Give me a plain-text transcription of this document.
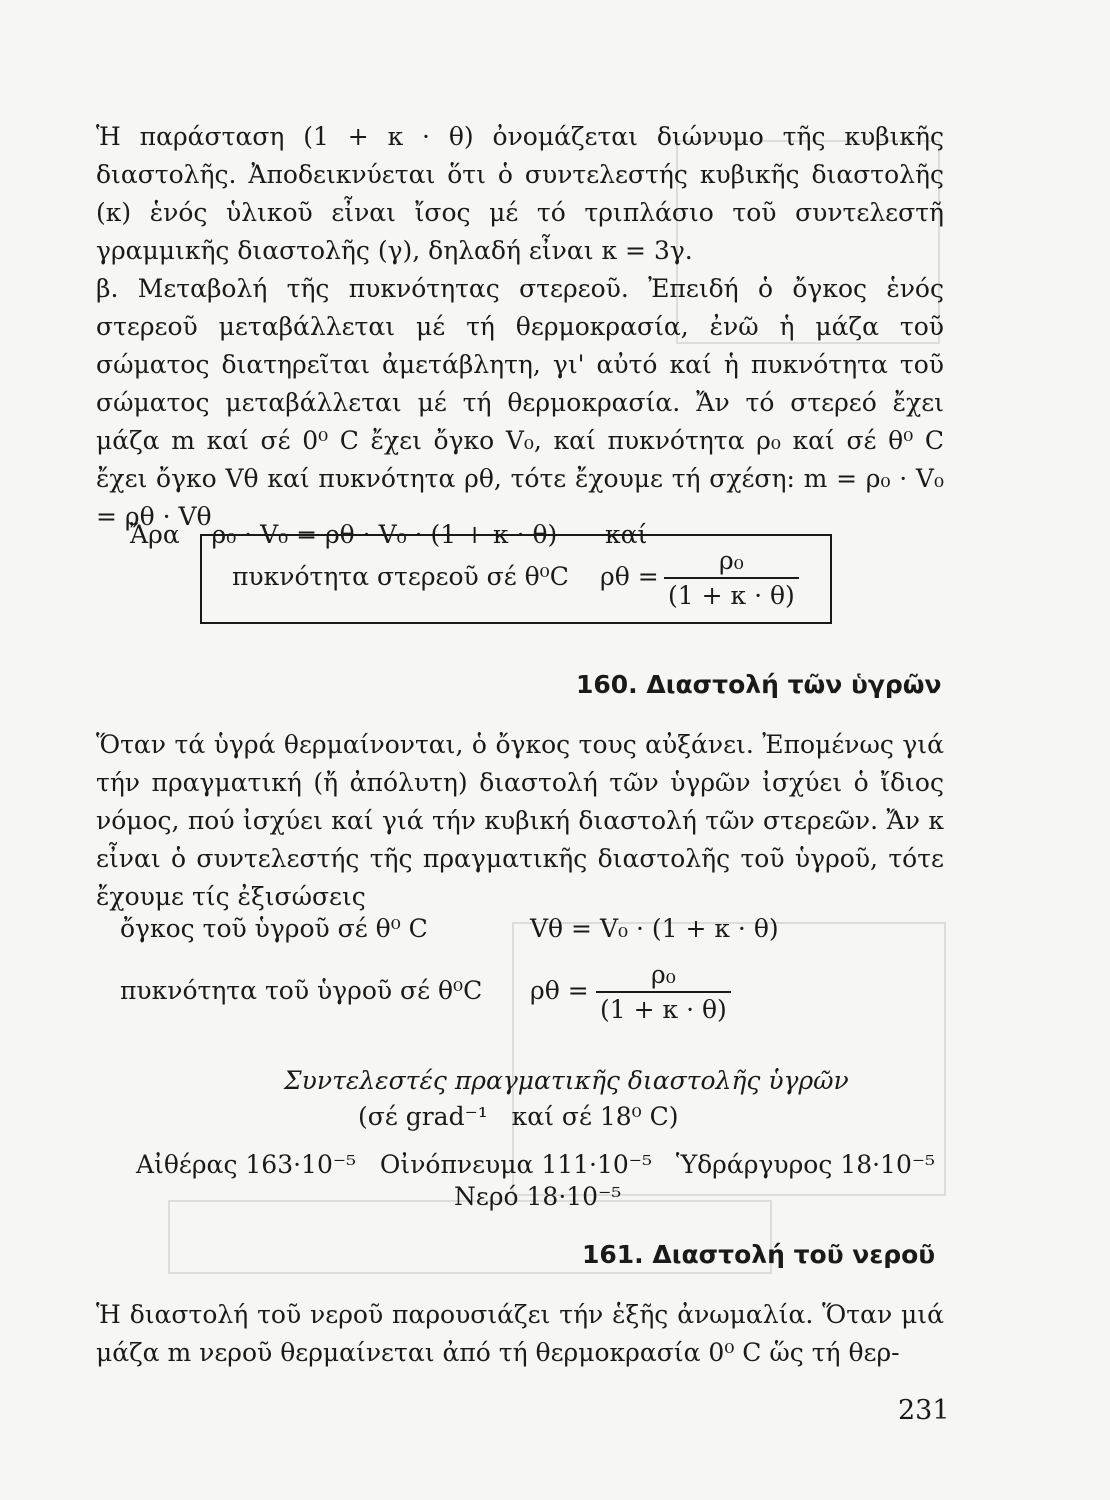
Ἡ παράσταση (1 + κ · θ) ὀνομάζεται διώνυμο τῆς κυβικῆς διαστολῆς. Ἀποδεικνύεται ὅτι ὁ συντελεστής κυβικῆς διαστολῆς (κ) ἑνός ὑλικοῦ εἶναι ἴσος μέ τό τριπλάσιο τοῦ συντελεστῆ γραμμικῆς διαστολῆς (γ), δηλαδή εἶναι κ = 3γ.
β. Μεταβολή τῆς πυκνότητας στερεοῦ. Ἐπειδή ὁ ὄγκος ἑνός στερεοῦ μεταβάλλεται μέ τή θερμοκρασία, ἐνῶ ἡ μάζα τοῦ σώματος διατηρεῖται ἀμετάβλητη, γι' αὐτό καί ἡ πυκνότητα τοῦ σώματος μεταβάλλεται μέ τή θερμοκρασία. Ἄν τό στερεό ἔχει μάζα m καί σέ 0⁰ C ἔχει ὄγκο V₀, καί πυκνότητα ρ₀ καί σέ θ⁰ C ἔχει ὄγκο Vθ καί πυκνότητα ρθ, τότε ἔχουμε τή σχέση: m = ρ₀ · V₀ = ρθ · Vθ

Ἄρα    ρ₀ · V₀ = ρθ · V₀ · (1 + κ · θ)      καί

πυκνότητα στερεοῦ σέ θ⁰C $\rho\theta = \frac{\text{ρ₀}}{(1 + \kappa \cdot \theta)}$
160. Διαστολή τῶν ὑγρῶν
Ὅταν τά ὑγρά θερμαίνονται, ὁ ὄγκος τους αὐξάνει. Ἐπομένως γιά τήν πραγματική (ἤ ἀπόλυτη) διαστολή τῶν ὑγρῶν ἰσχύει ὁ ἴδιος νόμος, πού ἰσχύει καί γιά τήν κυβική διαστολή τῶν στερεῶν. Ἄν κ εἶναι ὁ συντελεστής τῆς πραγματικῆς διαστολῆς τοῦ ὑγροῦ, τότε ἔχουμε τίς ἐξισώσεις
ὄγκος τοῦ ὑγροῦ σέ θ⁰ C	Vθ = V₀ · (1 + κ · θ)
πυκνότητα τοῦ ὑγροῦ σέ θ⁰C $\rho\theta = \frac{\text{ρ₀}}{(1 + \kappa \cdot \theta)}$
Συντελεστές πραγματικῆς διαστολῆς ὑγρῶν
(σέ grad⁻¹   καί σέ 18⁰ C)
Αἰθέρας 163·10⁻⁵   Οἰνόπνευμα 111·10⁻⁵   Ὑδράργυρος 18·10⁻⁵
Νερό 18·10⁻⁵
161. Διαστολή τοῦ νεροῦ
Ἡ διαστολή τοῦ νεροῦ παρουσιάζει τήν ἑξῆς ἀνωμαλία. Ὅταν μιά μάζα m νεροῦ θερμαίνεται ἀπό τή θερμοκρασία 0⁰ C ὥς τή θερ-
231
